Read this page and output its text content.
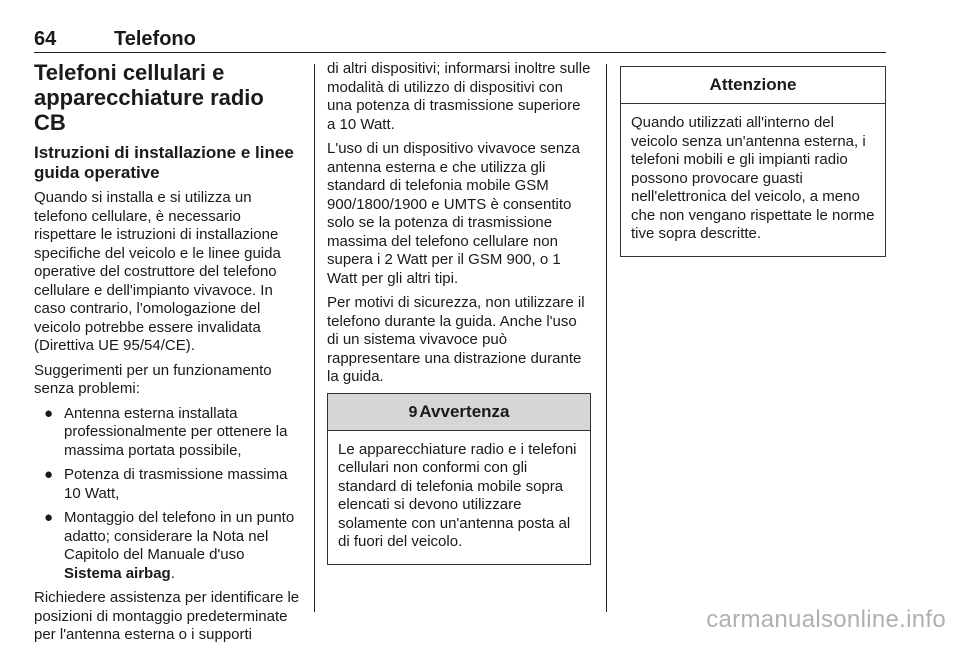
64	Telefono
Telefoni cellulari e apparecchiature radio CB
Istruzioni di installazione e linee guida operative

Quando si installa e si utilizza un telefono cellulare, è necessario rispettare le istruzioni di installazione specifiche del veicolo e le linee guida operative del costruttore del telefono cellulare e dell'impianto vivavoce. In caso contrario, l'omologazione del veicolo potrebbe essere invalidata (Direttiva UE 95/54/CE).

Suggerimenti per un funzionamento senza problemi:

● Antenna esterna installata professionalmente per ottenere la massima portata possibile,
● Potenza di trasmissione massima 10 Watt,
● Montaggio del telefono in un punto adatto; considerare la Nota nel Capitolo del Manuale d'uso Sistema airbag.

Richiedere assistenza per identificare le posizioni di montaggio predeterminate per l'antenna esterna o i supporti

di altri dispositivi; informarsi inoltre sulle modalità di utilizzo di dispositivi con una potenza di trasmissione superiore a 10 Watt.

L'uso di un dispositivo vivavoce senza antenna esterna e che utilizza gli standard di telefonia mobile GSM 900/1800/1900 e UMTS è consentito solo se la potenza di trasmissione massima del telefono cellulare non supera i 2 Watt per il GSM 900, o 1 Watt per gli altri tipi.

Per motivi di sicurezza, non utilizzare il telefono durante la guida. Anche l'uso di un sistema vivavoce può rappresentare una distrazione durante la guida.

9 Avvertenza
Le apparecchiature radio e i telefoni cellulari non conformi con gli standard di telefonia mobile sopra elencati si devono utilizzare solamente con un'antenna posta al di fuori del veicolo.
Attenzione
Quando utilizzati all'interno del veicolo senza un'antenna esterna, i telefoni mobili e gli impianti radio possono provocare guasti nell'elettronica del veicolo, a meno che non vengano rispettate le norme tive sopra descritte.
carmanualsonline.info
